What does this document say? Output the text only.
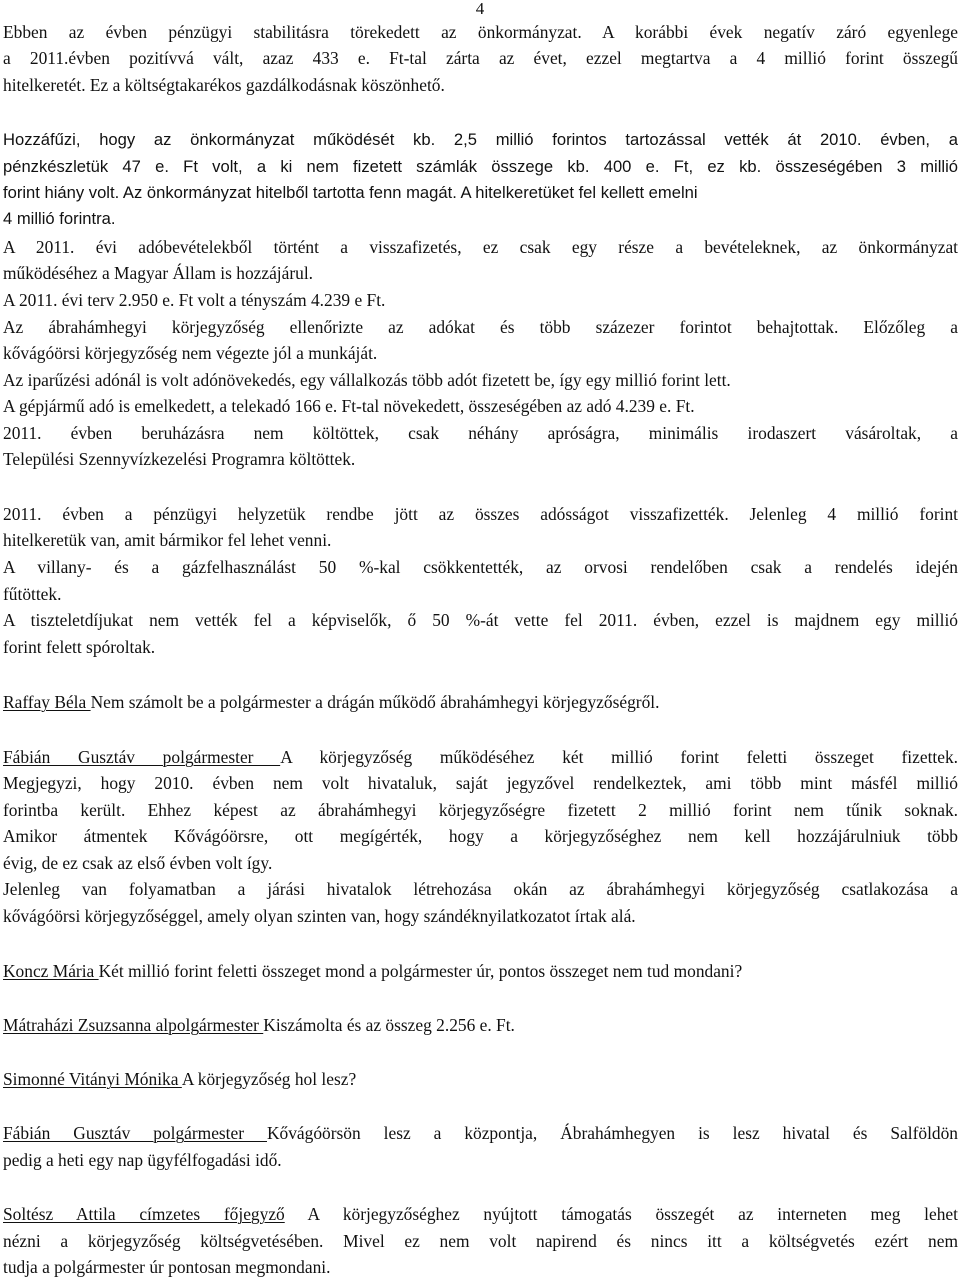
4
Ebben az évben pénzügyi stabilitásra törekedett az önkormányzat. A korábbi évek negatív záró egyenlege
a 2011.évben pozitívvá vált, azaz 433 e. Ft-tal zárta az évet, ezzel megtartva a 4 millió forint összegű
hitelkeretét. Ez a költségtakarékos gazdálkodásnak köszönhető.
Hozzáfűzi, hogy az önkormányzat működését kb. 2,5 millió forintos tartozással vették át 2010. évben, a
pénzkészletük 47 e. Ft volt, a ki nem fizetett számlák összege kb. 400 e. Ft, ez kb. összeségében 3 millió
forint hiány volt. Az önkormányzat hitelből tartotta fenn magát. A hitelkeretüket fel kellett emelni
4 millió forintra.
A 2011. évi adóbevételekből történt a visszafizetés, ez csak egy része a bevételeknek, az önkormányzat
működéséhez a Magyar Állam is hozzájárul.
A 2011. évi terv 2.950 e. Ft volt a tényszám 4.239 e Ft.
Az ábrahámhegyi körjegyzőség ellenőrizte az adókat és több százezer forintot behajtottak. Előzőleg a
kővágóörsi körjegyzőség nem végezte jól a munkáját.
Az iparűzési adónál is volt adónövekedés, egy vállalkozás több adót fizetett be, így egy millió forint lett.
A gépjármű adó is emelkedett, a telekadó 166 e. Ft-tal növekedett, összeségében az adó 4.239 e. Ft.
2011. évben beruházásra nem költöttek, csak néhány apróságra, minimális irodaszert vásároltak, a
Települési Szennyvízkezelési Programra költöttek.
2011. évben a pénzügyi helyzetük rendbe jött az összes adósságot visszafizették. Jelenleg 4 millió forint
hitelkeretük van, amit bármikor fel lehet venni.
A villany- és a gázfelhasználást 50 %-kal csökkentették, az orvosi rendelőben csak a rendelés idején
fűtöttek.
A tiszteletdíjukat nem vették fel a képviselők, ő 50 %-át vette fel 2011. évben, ezzel is majdnem egy millió
forint felett spóroltak.
Raffay Béla Nem számolt be a polgármester a drágán működő ábrahámhegyi körjegyzőségről.
Fábián Gusztáv polgármester A körjegyzőség működéséhez két millió forint feletti összeget fizettek.
Megjegyzi, hogy 2010. évben nem volt hivataluk, saját jegyzővel rendelkeztek, ami több mint másfél millió
forintba került. Ehhez képest az ábrahámhegyi körjegyzőségre fizetett 2 millió forint nem tűnik soknak.
Amikor átmentek Kővágóörsre, ott megígérték, hogy a körjegyzőséghez nem kell hozzájárulniuk több
évig, de ez csak az első évben volt így.
Jelenleg van folyamatban a járási hivatalok létrehozása okán az ábrahámhegyi körjegyzőség csatlakozása a
kővágóörsi körjegyzőséggel, amely olyan szinten van, hogy szándéknyilatkozatot írtak alá.
Koncz Mária Két millió forint feletti összeget mond a polgármester úr, pontos összeget nem tud mondani?
Mátraházi Zsuzsanna alpolgármester Kiszámolta és az összeg 2.256 e. Ft.
Simonné Vitányi Mónika A körjegyzőség hol lesz?
Fábián Gusztáv polgármester Kővágóörsön lesz a központja, Ábrahámhegyen is lesz hivatal és Salföldön
pedig a heti egy nap ügyfélfogadási idő.
Soltész Attila címzetes főjegyző A körjegyzőséghez nyújtott támogatás összegét az interneten meg lehet
nézni a körjegyzőség költségvetésében. Mivel ez nem volt napirend és nincs itt a költségvetés ezért nem
tudja a polgármester úr pontosan megmondani.
